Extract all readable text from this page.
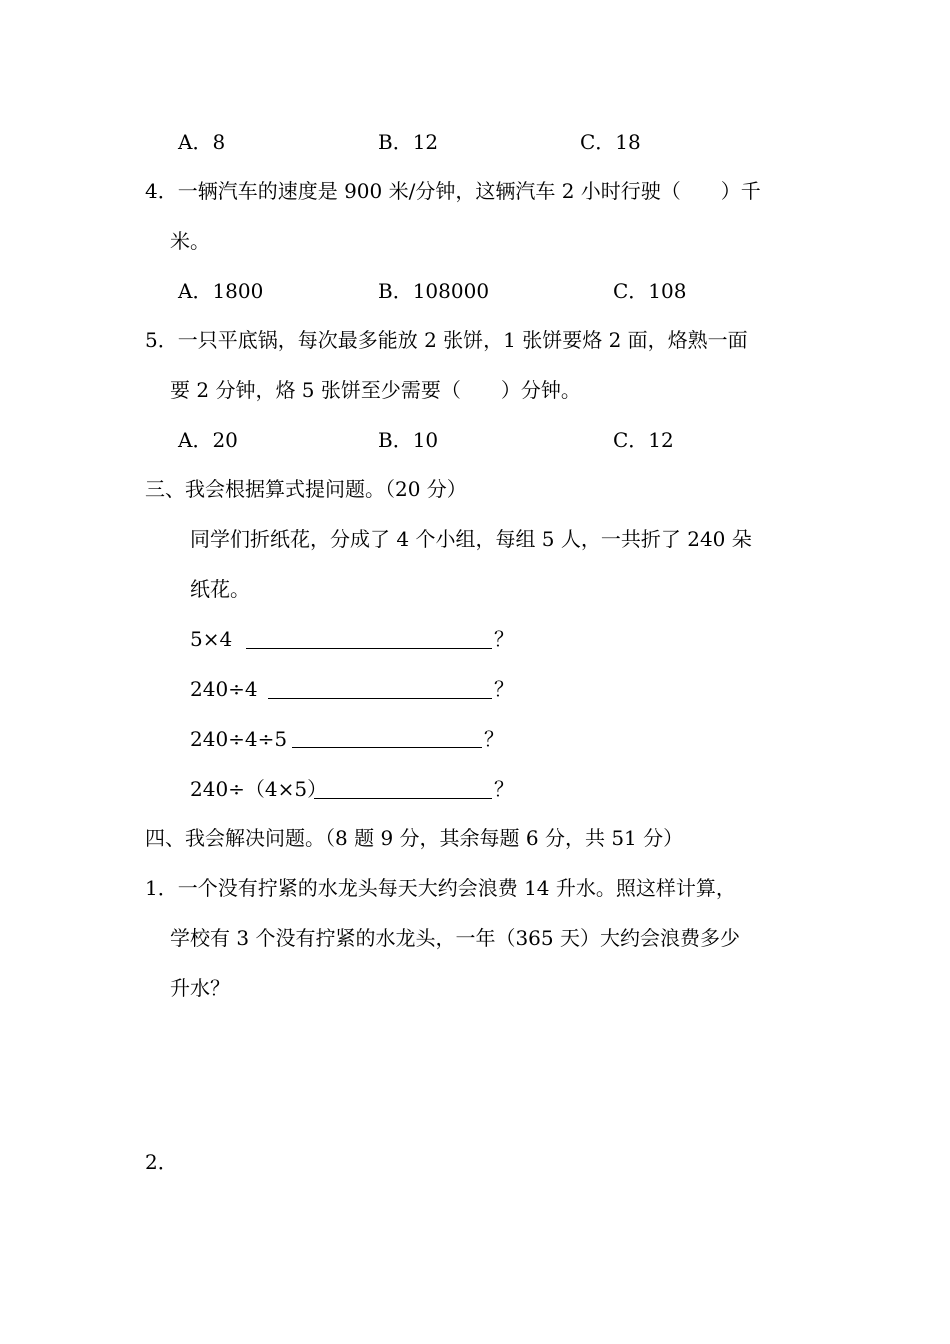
A．8	B．12	C．18
4．一辆汽车的速度是 900 米/分钟，这辆汽车 2 小时行驶（　　）千
米。
A．1800	B．108000	C．108
5．一只平底锅，每次最多能放 2 张饼，1 张饼要烙 2 面，烙熟一面
要 2 分钟，烙 5 张饼至少需要（　　）分钟。
A．20	B．10	C．12
三、我会根据算式提问题。（20 分）
同学们折纸花，分成了 4 个小组，每组 5 人，一共折了 240 朵
纸花。
5×4	？
240÷4	？
240÷4÷5	？
240÷（4×5）	？
四、我会解决问题。（8 题 9 分，其余每题 6 分，共 51 分）
1．一个没有拧紧的水龙头每天大约会浪费 14 升水。照这样计算，
学校有 3 个没有拧紧的水龙头，一年（365 天）大约会浪费多少
升水？
2．
